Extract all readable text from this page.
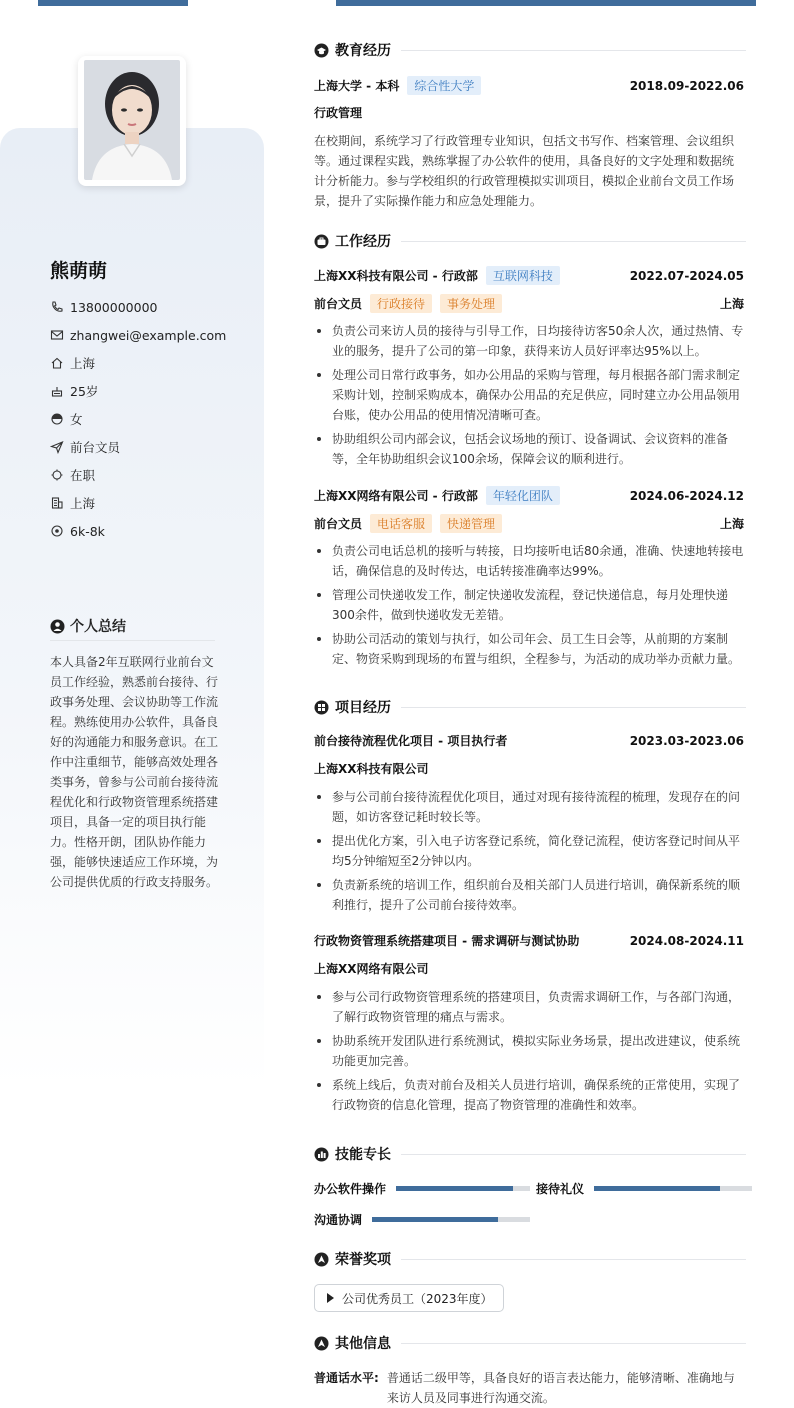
熊萌萌
13800000000
zhangwei@example.com
上海
25岁
女
前台文员
在职
上海
6k-8k
个人总结
本人具备2年互联网行业前台文员工作经验，熟悉前台接待、行政事务处理、会议协助等工作流程。熟练使用办公软件，具备良好的沟通能力和服务意识。在工作中注重细节，能够高效处理各类事务，曾参与公司前台接待流程优化和行政物资管理系统搭建项目，具备一定的项目执行能力。性格开朗，团队协作能力强，能够快速适应工作环境，为公司提供优质的行政支持服务。
教育经历
上海大学 - 本科	综合性大学	2018.09-2022.06
行政管理
在校期间，系统学习了行政管理专业知识，包括文书写作、档案管理、会议组织等。通过课程实践，熟练掌握了办公软件的使用，具备良好的文字处理和数据统计分析能力。参与学校组织的行政管理模拟实训项目，模拟企业前台文员工作场景，提升了实际操作能力和应急处理能力。
工作经历
上海XX科技有限公司 - 行政部	互联网科技	2022.07-2024.05
前台文员	行政接待	事务处理	上海
负责公司来访人员的接待与引导工作，日均接待访客50余人次，通过热情、专业的服务，提升了公司的第一印象，获得来访人员好评率达95%以上。
处理公司日常行政事务，如办公用品的采购与管理，每月根据各部门需求制定采购计划，控制采购成本，确保办公用品的充足供应，同时建立办公用品领用台账，使办公用品的使用情况清晰可查。
协助组织公司内部会议，包括会议场地的预订、设备调试、会议资料的准备等，全年协助组织会议100余场，保障会议的顺利进行。
上海XX网络有限公司 - 行政部	年轻化团队	2024.06-2024.12
前台文员	电话客服	快递管理	上海
负责公司电话总机的接听与转接，日均接听电话80余通，准确、快速地转接电话，确保信息的及时传达，电话转接准确率达99%。
管理公司快递收发工作，制定快递收发流程，登记快递信息，每月处理快递300余件，做到快递收发无差错。
协助公司活动的策划与执行，如公司年会、员工生日会等，从前期的方案制定、物资采购到现场的布置与组织，全程参与，为活动的成功举办贡献力量。
项目经历
前台接待流程优化项目 - 项目执行者	2023.03-2023.06
上海XX科技有限公司
参与公司前台接待流程优化项目，通过对现有接待流程的梳理，发现存在的问题，如访客登记耗时较长等。
提出优化方案，引入电子访客登记系统，简化登记流程，使访客登记时间从平均5分钟缩短至2分钟以内。
负责新系统的培训工作，组织前台及相关部门人员进行培训，确保新系统的顺利推行，提升了公司前台接待效率。
行政物资管理系统搭建项目 - 需求调研与测试协助	2024.08-2024.11
上海XX网络有限公司
参与公司行政物资管理系统的搭建项目，负责需求调研工作，与各部门沟通，了解行政物资管理的痛点与需求。
协助系统开发团队进行系统测试，模拟实际业务场景，提出改进建议，使系统功能更加完善。
系统上线后，负责对前台及相关人员进行培训，确保系统的正常使用，实现了行政物资的信息化管理，提高了物资管理的准确性和效率。
技能专长
办公软件操作	接待礼仪
沟通协调
荣誉奖项
公司优秀员工（2023年度）
其他信息
普通话水平: 普通话二级甲等，具备良好的语言表达能力，能够清晰、准确地与来访人员及同事进行沟通交流。
